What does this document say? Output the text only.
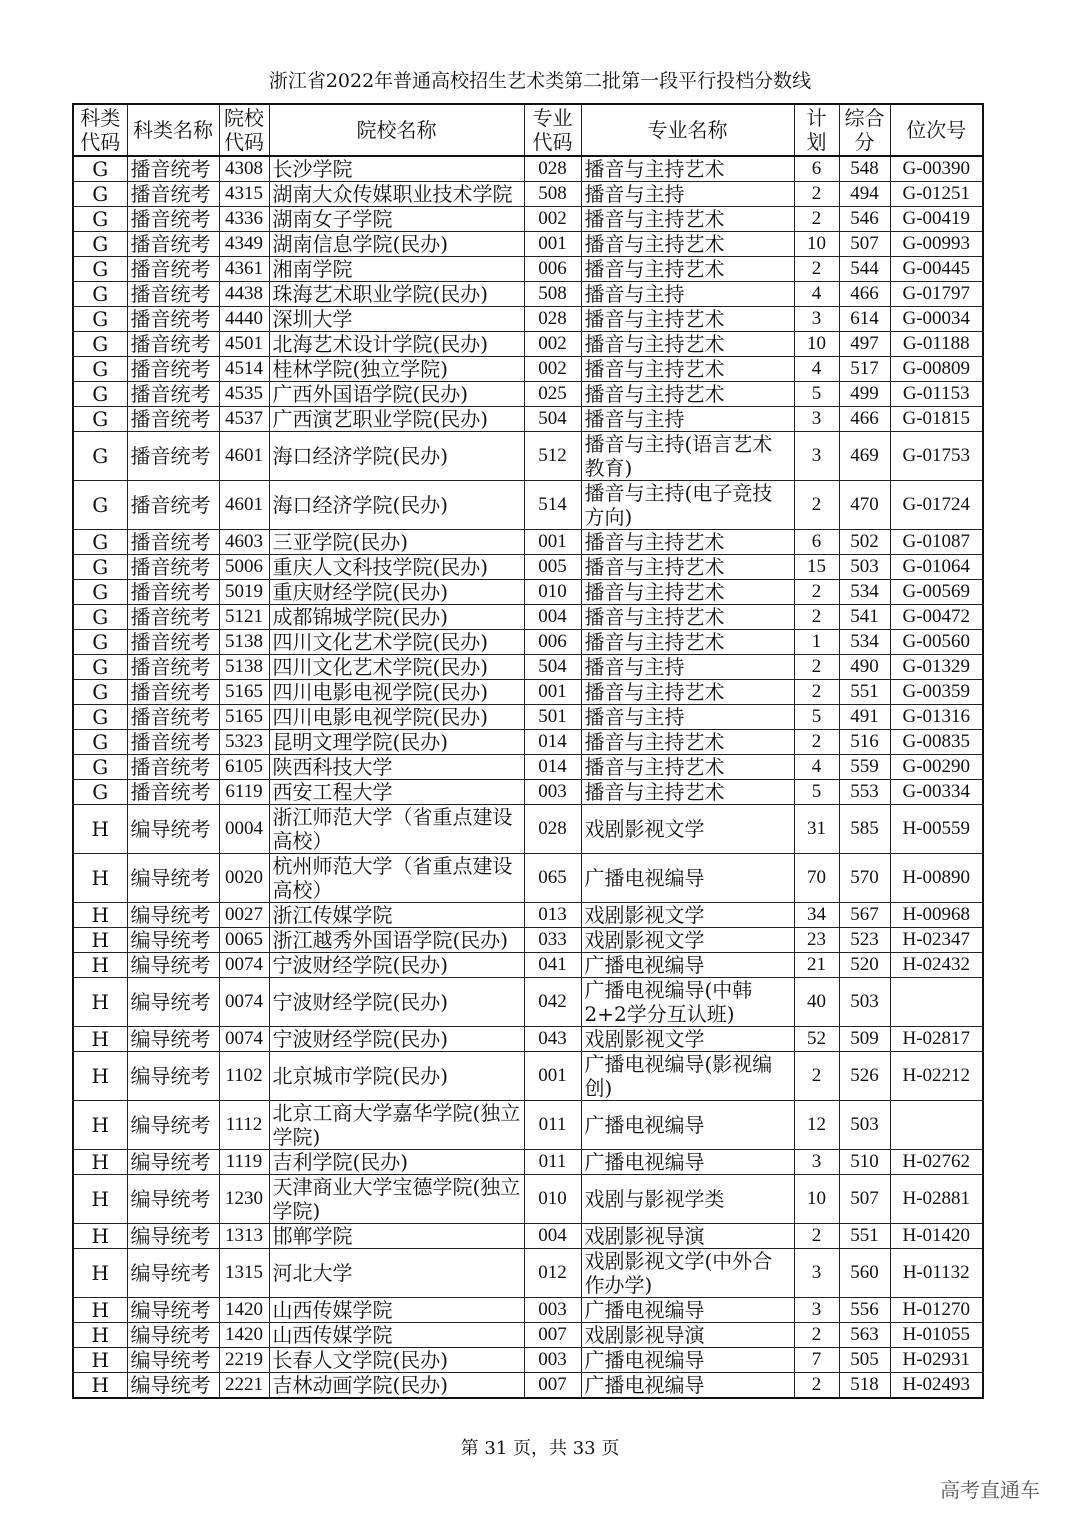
浙江省2022年普通高校招生艺术类第二批第一段平行投档分数线
科类代码	科类名称	院校代码	院校名称	专业代码	专业名称	计划	综合分	位次号
G	播音统考	4308	长沙学院	028	播音与主持艺术	6	548	G-00390
G	播音统考	4315	湖南大众传媒职业技术学院	508	播音与主持	2	494	G-01251
G	播音统考	4336	湖南女子学院	002	播音与主持艺术	2	546	G-00419
G	播音统考	4349	湖南信息学院(民办)	001	播音与主持艺术	10	507	G-00993
G	播音统考	4361	湘南学院	006	播音与主持艺术	2	544	G-00445
G	播音统考	4438	珠海艺术职业学院(民办)	508	播音与主持	4	466	G-01797
G	播音统考	4440	深圳大学	028	播音与主持艺术	3	614	G-00034
G	播音统考	4501	北海艺术设计学院(民办)	002	播音与主持艺术	10	497	G-01188
G	播音统考	4514	桂林学院(独立学院)	002	播音与主持艺术	4	517	G-00809
G	播音统考	4535	广西外国语学院(民办)	025	播音与主持艺术	5	499	G-01153
G	播音统考	4537	广西演艺职业学院(民办)	504	播音与主持	3	466	G-01815
G	播音统考	4601	海口经济学院(民办)	512	播音与主持(语言艺术教育)	3	469	G-01753
G	播音统考	4601	海口经济学院(民办)	514	播音与主持(电子竞技方向)	2	470	G-01724
G	播音统考	4603	三亚学院(民办)	001	播音与主持艺术	6	502	G-01087
G	播音统考	5006	重庆人文科技学院(民办)	005	播音与主持艺术	15	503	G-01064
G	播音统考	5019	重庆财经学院(民办)	010	播音与主持艺术	2	534	G-00569
G	播音统考	5121	成都锦城学院(民办)	004	播音与主持艺术	2	541	G-00472
G	播音统考	5138	四川文化艺术学院(民办)	006	播音与主持艺术	1	534	G-00560
G	播音统考	5138	四川文化艺术学院(民办)	504	播音与主持	2	490	G-01329
G	播音统考	5165	四川电影电视学院(民办)	001	播音与主持艺术	2	551	G-00359
G	播音统考	5165	四川电影电视学院(民办)	501	播音与主持	5	491	G-01316
G	播音统考	5323	昆明文理学院(民办)	014	播音与主持艺术	2	516	G-00835
G	播音统考	6105	陕西科技大学	014	播音与主持艺术	4	559	G-00290
G	播音统考	6119	西安工程大学	003	播音与主持艺术	5	553	G-00334
H	编导统考	0004	浙江师范大学（省重点建设高校）	028	戏剧影视文学	31	585	H-00559
H	编导统考	0020	杭州师范大学（省重点建设高校）	065	广播电视编导	70	570	H-00890
H	编导统考	0027	浙江传媒学院	013	戏剧影视文学	34	567	H-00968
H	编导统考	0065	浙江越秀外国语学院(民办)	033	戏剧影视文学	23	523	H-02347
H	编导统考	0074	宁波财经学院(民办)	041	广播电视编导	21	520	H-02432
H	编导统考	0074	宁波财经学院(民办)	042	广播电视编导(中韩2+2学分互认班)	40	503	
H	编导统考	0074	宁波财经学院(民办)	043	戏剧影视文学	52	509	H-02817
H	编导统考	1102	北京城市学院(民办)	001	广播电视编导(影视编创)	2	526	H-02212
H	编导统考	1112	北京工商大学嘉华学院(独立学院)	011	广播电视编导	12	503	
H	编导统考	1119	吉利学院(民办)	011	广播电视编导	3	510	H-02762
H	编导统考	1230	天津商业大学宝德学院(独立学院)	010	戏剧与影视学类	10	507	H-02881
H	编导统考	1313	邯郸学院	004	戏剧影视导演	2	551	H-01420
H	编导统考	1315	河北大学	012	戏剧影视文学(中外合作办学)	3	560	H-01132
H	编导统考	1420	山西传媒学院	003	广播电视编导	3	556	H-01270
H	编导统考	1420	山西传媒学院	007	戏剧影视导演	2	563	H-01055
H	编导统考	2219	长春人文学院(民办)	003	广播电视编导	7	505	H-02931
H	编导统考	2221	吉林动画学院(民办)	007	广播电视编导	2	518	H-02493
第 31 页，共 33 页
高考直通车
